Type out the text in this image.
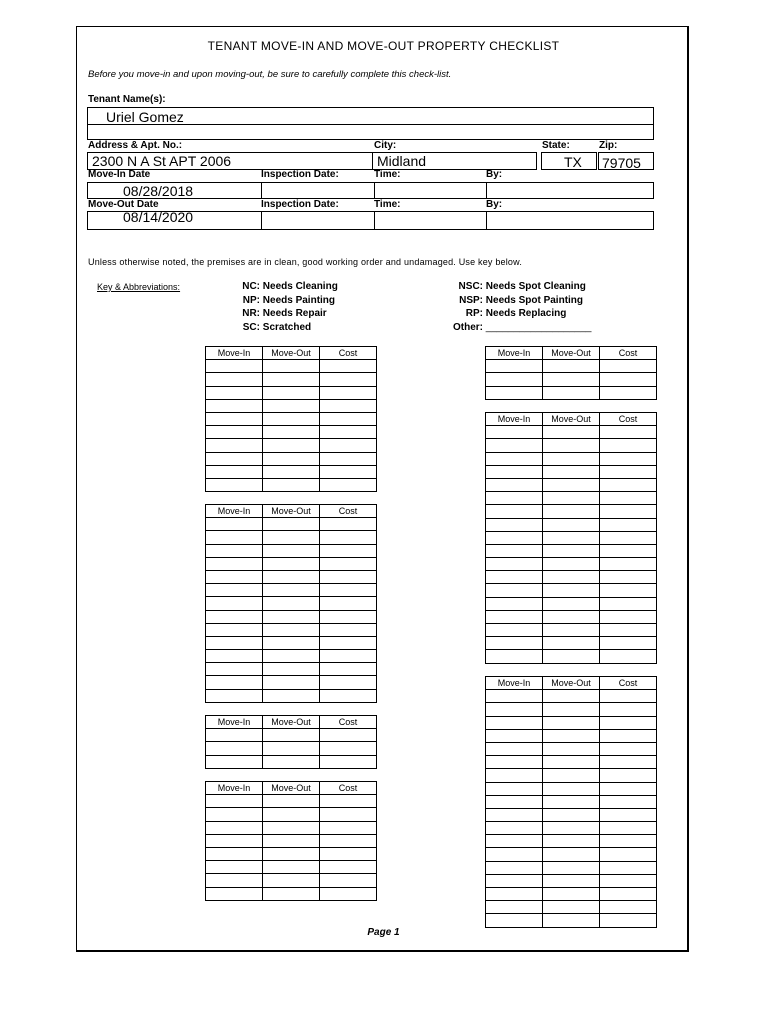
TENANT MOVE-IN AND MOVE-OUT PROPERTY CHECKLIST
Before you move-in and upon moving-out, be sure to carefully complete this check-list.
Tenant Name(s):
Uriel Gomez
Address & Apt. No.:	City:	State:	Zip:
2300 N A St APT 2006	Midland	TX 79705
Move-In Date	Inspection Date:	Time:	By:
08/28/2018
Move-Out Date	Inspection Date:	Time:	By:
08/14/2020
Unless otherwise noted, the premises are in clean, good working order and undamaged. Use key below.
Key & Abbreviations:	NC: Needs Cleaning
NP: Needs Painting
NR: Needs Repair
SC: Scratched
NSC: Needs Spot Cleaning
NSP: Needs Spot Painting
RP: Needs Replacing
Other: ___________________
Move-In	Move-Out	Cost

Move-In	Move-Out	Cost

Move-In	Move-Out	Cost

Move-In	Move-Out	Cost

Move-In	Move-Out	Cost

Move-In	Move-Out	Cost

Move-In	Move-Out	Cost

Page 1
